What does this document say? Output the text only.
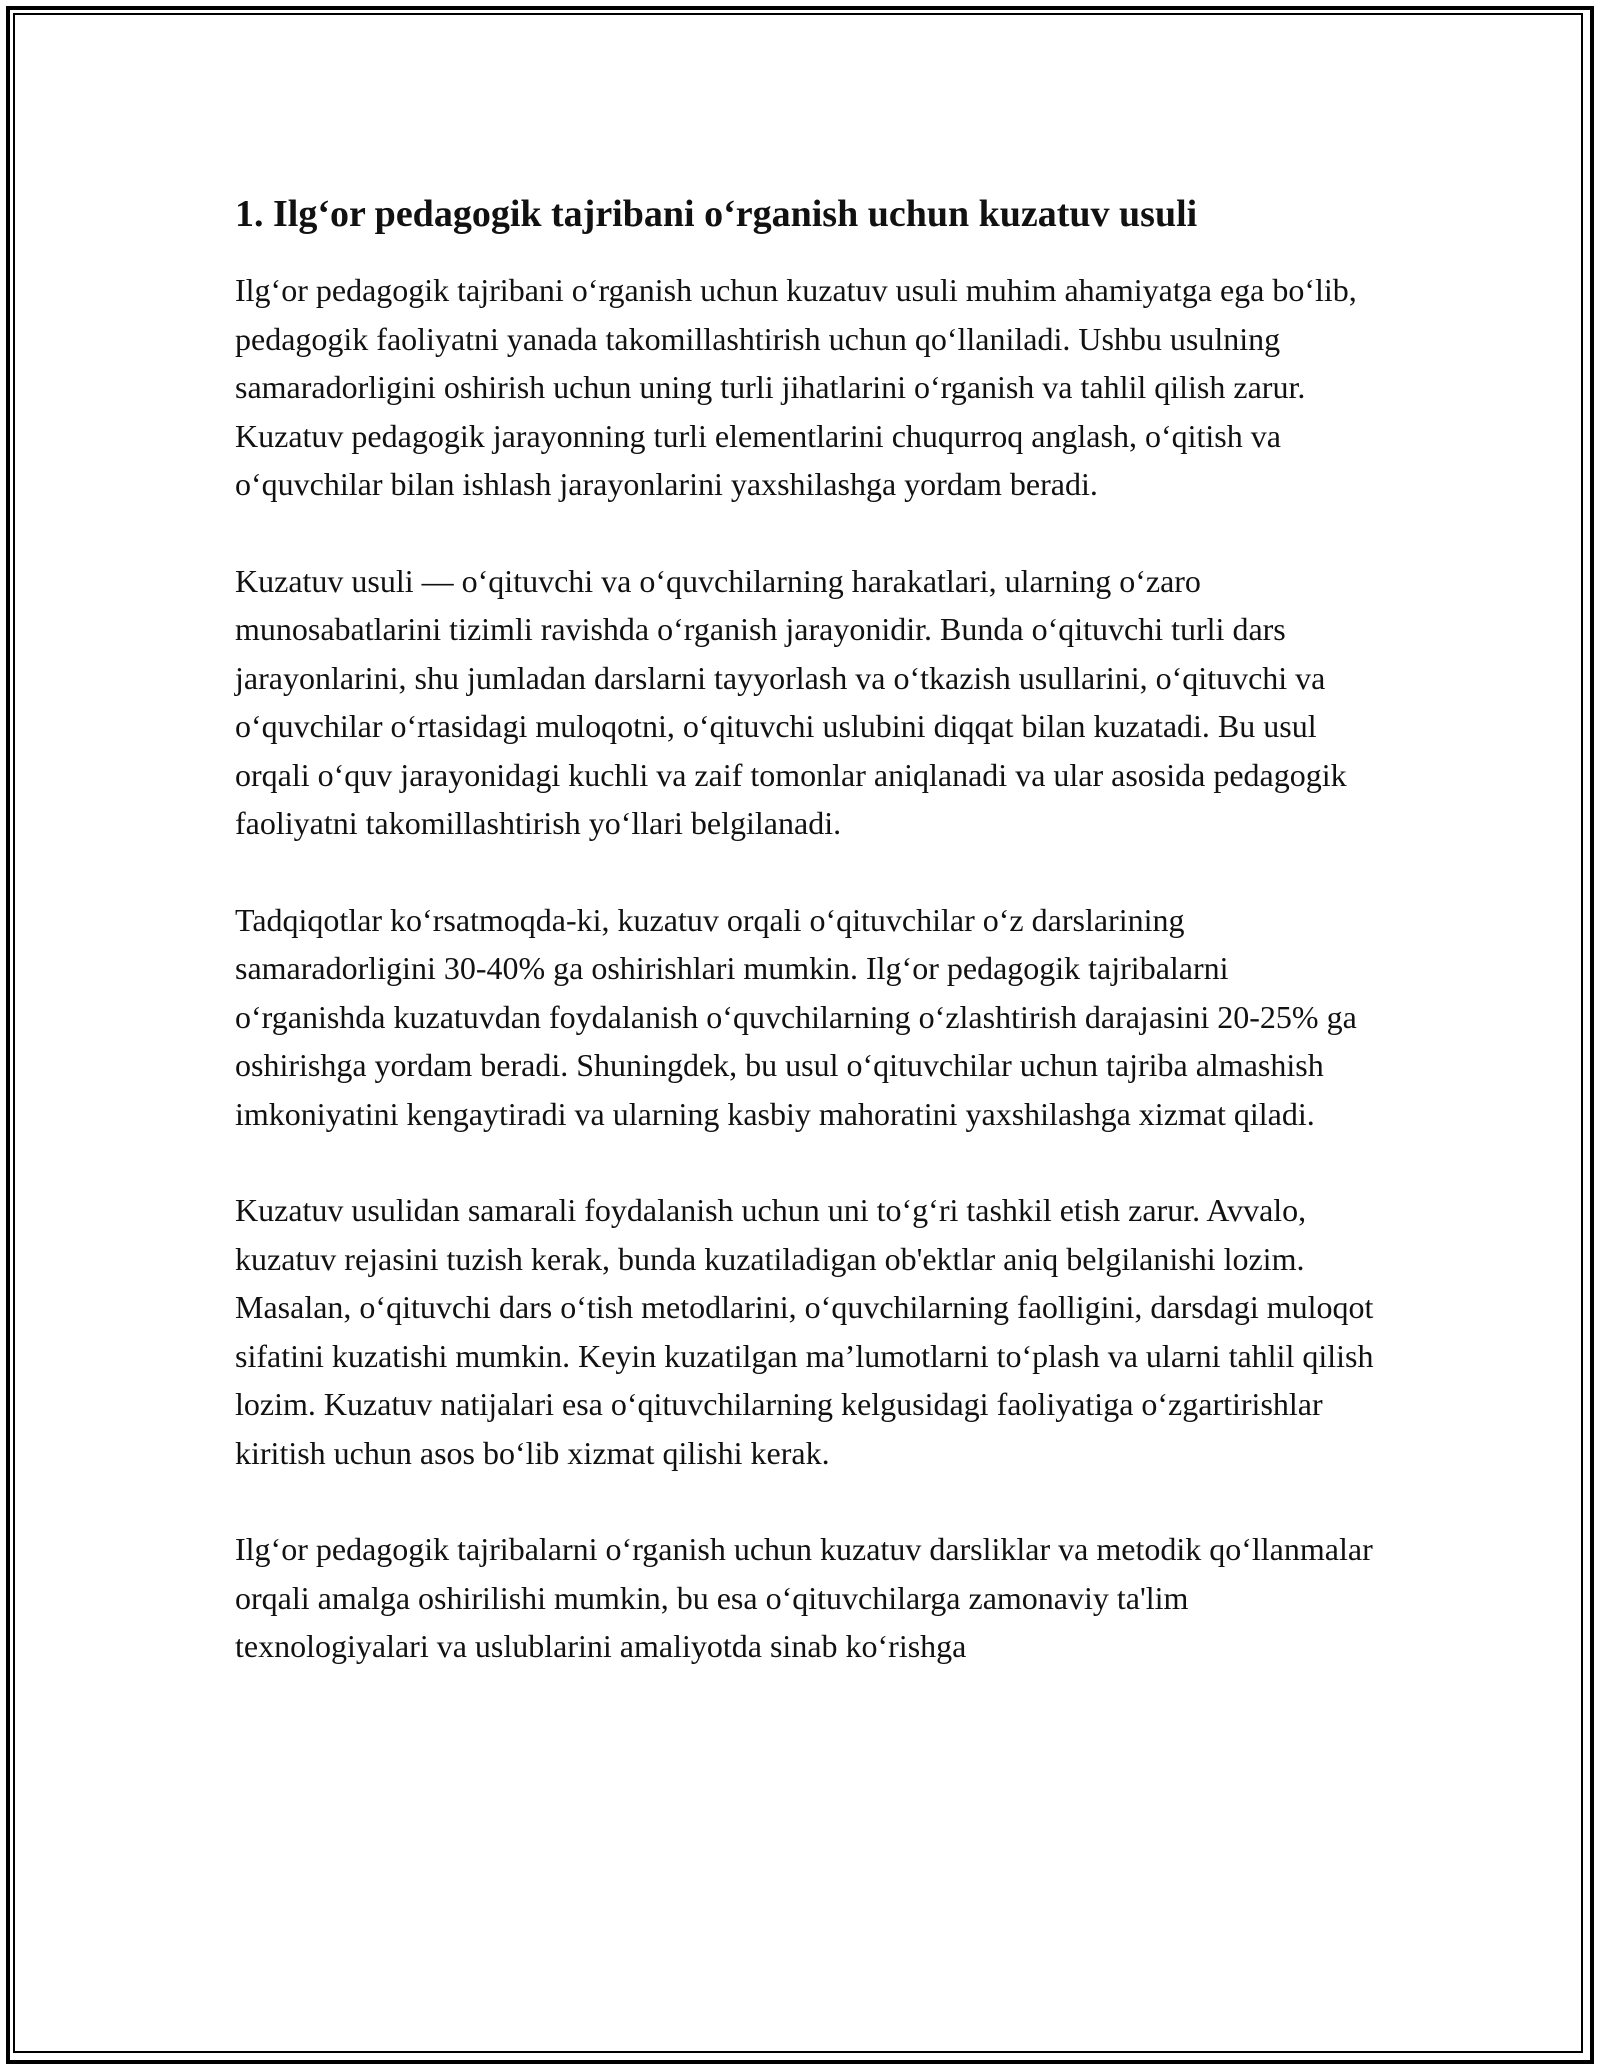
1. Ilg‘or pedagogik tajribani o‘rganish uchun kuzatuv usuli

Ilg‘or pedagogik tajribani o‘rganish uchun kuzatuv usuli muhim ahamiyatga ega bo‘lib, pedagogik faoliyatni yanada takomillashtirish uchun qo‘llaniladi. Ushbu usulning samaradorligini oshirish uchun uning turli jihatlarini o‘rganish va tahlil qilish zarur. Kuzatuv pedagogik jarayonning turli elementlarini chuqurroq anglash, o‘qitish va o‘quvchilar bilan ishlash jarayonlarini yaxshilashga yordam beradi.

Kuzatuv usuli — o‘qituvchi va o‘quvchilarning harakatlari, ularning o‘zaro munosabatlarini tizimli ravishda o‘rganish jarayonidir. Bunda o‘qituvchi turli dars jarayonlarini, shu jumladan darslarni tayyorlash va o‘tkazish usullarini, o‘qituvchi va o‘quvchilar o‘rtasidagi muloqotni, o‘qituvchi uslubini diqqat bilan kuzatadi. Bu usul orqali o‘quv jarayonidagi kuchli va zaif tomonlar aniqlanadi va ular asosida pedagogik faoliyatni takomillashtirish yo‘llari belgilanadi.

Tadqiqotlar ko‘rsatmoqda-ki, kuzatuv orqali o‘qituvchilar o‘z darslarining samaradorligini 30-40% ga oshirishlari mumkin. Ilg‘or pedagogik tajribalarni o‘rganishda kuzatuvdan foydalanish o‘quvchilarning o‘zlashtirish darajasini 20-25% ga oshirishga yordam beradi. Shuningdek, bu usul o‘qituvchilar uchun tajriba almashish imkoniyatini kengaytiradi va ularning kasbiy mahoratini yaxshilashga xizmat qiladi.

Kuzatuv usulidan samarali foydalanish uchun uni to‘g‘ri tashkil etish zarur. Avvalo, kuzatuv rejasini tuzish kerak, bunda kuzatiladigan ob'ektlar aniq belgilanishi lozim. Masalan, o‘qituvchi dars o‘tish metodlarini, o‘quvchilarning faolligini, darsdagi muloqot sifatini kuzatishi mumkin. Keyin kuzatilgan ma’lumotlarni to‘plash va ularni tahlil qilish lozim. Kuzatuv natijalari esa o‘qituvchilarning kelgusidagi faoliyatiga o‘zgartirishlar kiritish uchun asos bo‘lib xizmat qilishi kerak.

Ilg‘or pedagogik tajribalarni o‘rganish uchun kuzatuv darsliklar va metodik qo‘llanmalar orqali amalga oshirilishi mumkin, bu esa o‘qituvchilarga zamonaviy ta'lim texnologiyalari va uslublarini amaliyotda sinab ko‘rishga
